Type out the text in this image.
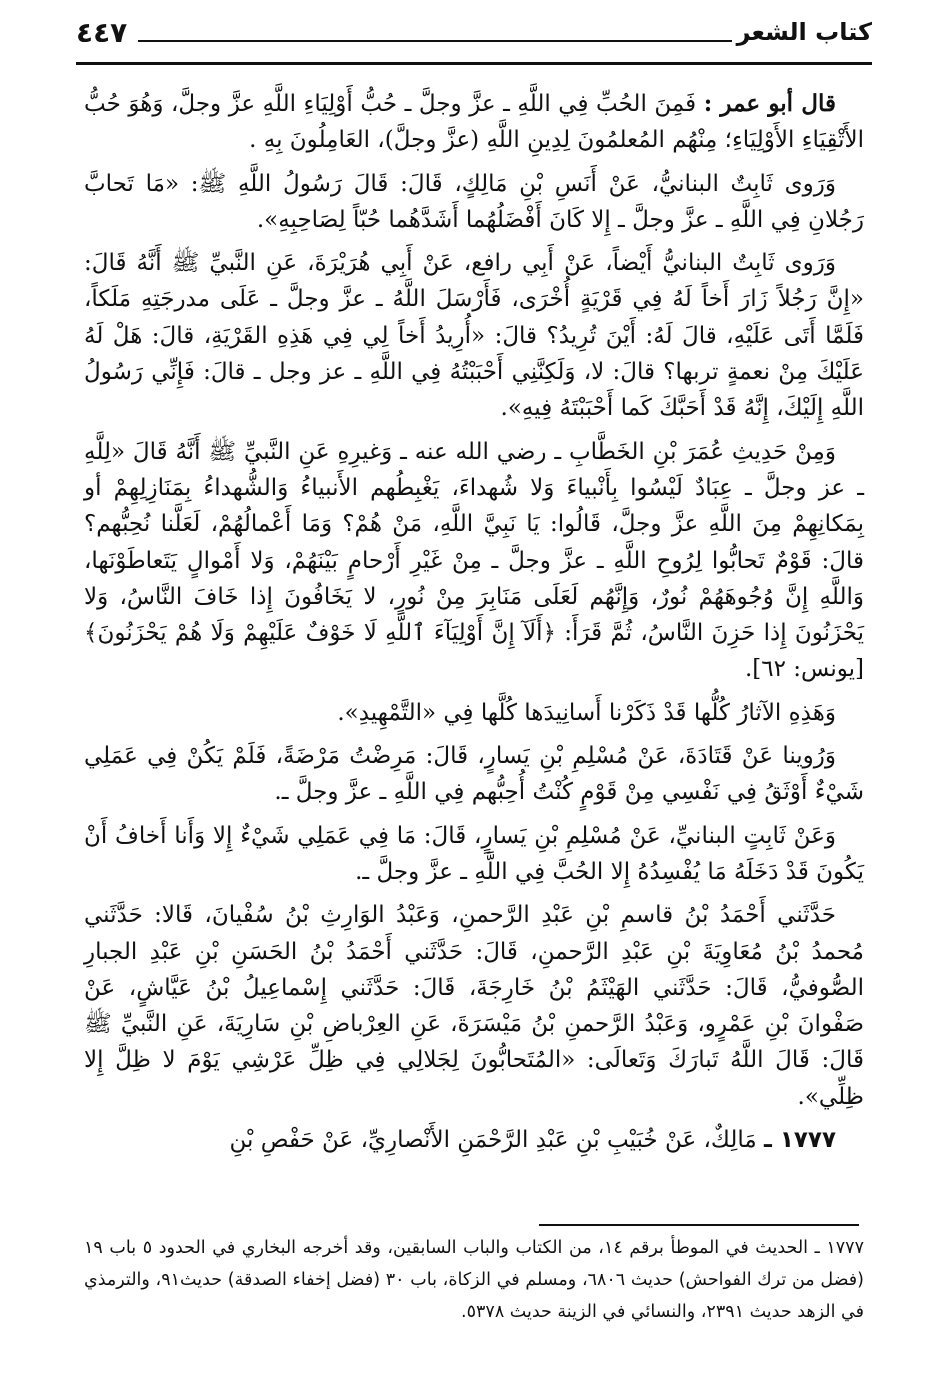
كتاب الشعر
٤٤٧

قال أبو عمر : فَمِنَ الحُبِّ فِي اللَّهِ ـ عزَّ وجلَّ ـ حُبُّ أَوْلِيَاءِ اللَّهِ عزَّ وجلَّ، وَهُوَ حُبُّ الأَتْقِيَاءِ الأَوْلِيَاءِ؛ مِنْهُم المُعلمُونَ لِدِينِ اللَّهِ (عزَّ وجلَّ)، العَامِلُونَ بِهِ .

وَرَوى ثَابِتٌ البنانيُّ، عَنْ أَنَسِ بْنِ مَالِكٍ، قَالَ: قَالَ رَسُولُ اللَّهِ ﷺ: «مَا تَحابَّ رَجُلانِ فِي اللَّهِ ـ عزَّ وجلَّ ـ إِلا كَانَ أَفْضَلُهُما أَشَدَّهُما حُبّاً لِصَاحِبِهِ».

وَرَوى ثَابِتٌ البنانيُّ أَيْضاً، عَنْ أَبِي رافع، عَنْ أَبِي هُرَيْرَةَ، عَنِ النَّبيِّ ﷺ أَنَّهُ قَالَ: «إِنَّ رَجُلاً زَارَ أَخاً لَهُ فِي قَرْيَةٍ أُخْرَى، فَأَرْسَلَ اللَّهُ ـ عزَّ وجلَّ ـ عَلَى مدرجَتِهِ مَلَكاً، فَلَمَّا أَتَى عَلَيْهِ، قالَ لَهُ: أَيْنَ تُرِيدُ؟ قالَ: «أُرِيدُ أَخاً لِي فِي هَذِهِ القَرْيَةِ، قالَ: هَلْ لَهُ عَلَيْكَ مِنْ نعمةٍ تربها؟ قالَ: لا، وَلَكِنَّنِي أَحْبَبْتُهُ فِي اللَّهِ ـ عز وجل ـ قالَ: فَإِنِّي رَسُولُ اللَّهِ إِلَيْكَ، إِنَّهُ قَدْ أَحَبَّكَ كَما أَحْبَبْتَهُ فِيهِ».

وَمِنْ حَدِيثِ عُمَرَ بْنِ الخَطَّابِ ـ رضي الله عنه ـ وَغيرِهِ عَنِ النَّبيِّ ﷺ أَنَّهُ قَالَ «لِلَّهِ ـ عز وجلَّ ـ عِبَادٌ لَيْسُوا بِأَنْبياءَ وَلا شُهداءَ، يَغْبِطُهم الأَنبياءُ وَالشُّهداءُ بِمَنَازِلِهِمْ أو بِمَكانِهِمْ مِنَ اللَّهِ عزَّ وجلَّ، قَالُوا: يَا نَبِيَّ اللَّهِ، مَنْ هُمْ؟ وَمَا أَعْمالُهُمْ، لَعَلَّنا نُحِبُّهم؟ قالَ: قَوْمٌ تَحابُّوا لِرُوحِ اللَّهِ ـ عزَّ وجلَّ ـ مِنْ غَيْرِ أَرْحامٍ بَيْنَهُمْ، وَلا أَمْوالٍ يَتَعاطَوْنَها، وَاللَّهِ إِنَّ وُجُوهَهُمْ نُورٌ، وَإِنَّهُم لَعَلَى مَنَابِرَ مِنْ نُورٍ، لا يَخَافُونَ إِذا خَافَ النَّاسُ، وَلا يَحْزَنُونَ إِذا حَزِنَ النَّاسُ، ثُمَّ قَرَأَ: ﴿أَلَآ إِنَّ أَوْلِيَآءَ ٱللَّهِ لَا خَوْفٌ عَلَيْهِمْ وَلَا هُمْ يَحْزَنُونَ﴾ [يونس: ٦٢].

وَهَذِهِ الآثارُ كُلُّها قَدْ ذَكَرْنا أَسانِيدَها كُلَّها فِي «التَّمْهِيدِ».

وَرُوينا عَنْ قَتَادَةَ، عَنْ مُسْلِمِ بْنِ يَسارٍ، قَالَ: مَرِضْتُ مَرْضَةً، فَلَمْ يَكُنْ فِي عَمَلِي شَيْءٌ أَوْثَقُ فِي نَفْسِي مِنْ قَوْمٍ كُنْتُ أُحِبُّهم فِي اللَّهِ ـ عزَّ وجلَّ ـ.

وَعَنْ ثَابِتٍ البنانيِّ، عَنْ مُسْلِمِ بْنِ يَسارٍ، قَالَ: مَا فِي عَمَلِي شَيْءٌ إِلا وَأَنا أَخافُ أَنْ يَكُونَ قَدْ دَخَلَهُ مَا يُفْسِدُهُ إِلا الحُبَّ فِي اللَّهِ ـ عزَّ وجلَّ ـ.

حَدَّثَني أَحْمَدُ بْنُ قاسمِ بْنِ عَبْدِ الرَّحمنِ، وَعَبْدُ الوَارِثِ بْنُ سُفْيانَ، قَالا: حَدَّثَني مُحمدُ بْنُ مُعَاوِيَةَ بْنِ عَبْدِ الرَّحمنِ، قَالَ: حَدَّثَني أَحْمَدُ بْنُ الحَسَنِ بْنِ عَبْدِ الجبارِ الصُّوفيُّ، قَالَ: حَدَّثَني الهَيْثَمُ بْنُ خَارِجَةَ، قَالَ: حَدَّثَني إِسْماعِيلُ بْنُ عَيَّاشٍ، عَنْ صَفْوانَ بْنِ عَمْرٍو، وَعَبْدُ الرَّحمنِ بْنُ مَيْسَرَةَ، عَنِ العِرْباضِ بْنِ سَارِيَةَ، عَنِ النَّبيِّ ﷺ قَالَ: قَالَ اللَّهُ تَبارَكَ وَتَعالَى: «المُتَحابُّونَ لِجَلالِي فِي ظِلِّ عَرْشِي يَوْمَ لا ظِلَّ إِلا ظِلِّي».

١٧٧٧ ـ مَالِكٌ، عَنْ خُبَيْبِ بْنِ عَبْدِ الرَّحْمَنِ الأَنْصارِيِّ، عَنْ حَفْصِ بْنِ

١٧٧٧ ـ الحديث في الموطأ برقم ١٤، من الكتاب والباب السابقين، وقد أخرجه البخاري في الحدود ٥ باب ١٩ (فضل من ترك الفواحش) حديث ٦٨٠٦، ومسلم في الزكاة، باب ٣٠ (فضل إخفاء الصدقة) حديث٩١، والترمذي في الزهد حديث ٢٣٩١، والنسائي في الزينة حديث ٥٣٧٨.
